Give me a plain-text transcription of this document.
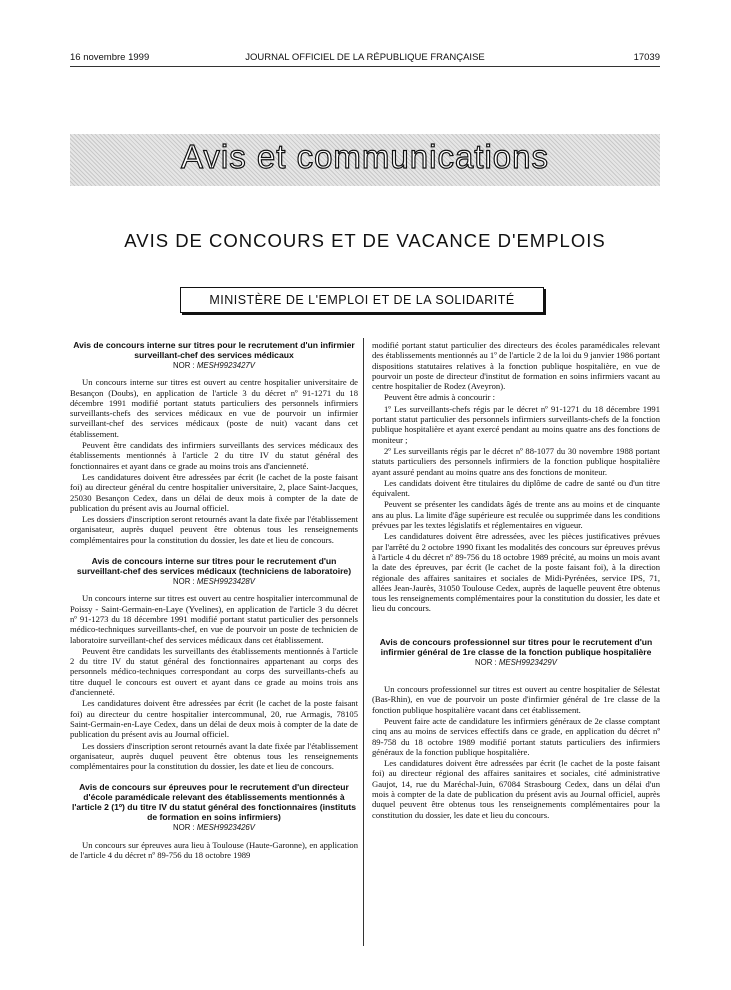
16 novembre 1999	JOURNAL OFFICIEL DE LA RÉPUBLIQUE FRANÇAISE	17039
Avis et communications
AVIS DE CONCOURS ET DE VACANCE D'EMPLOIS
MINISTÈRE DE L'EMPLOI ET DE LA SOLIDARITÉ

Avis de concours interne sur titres pour le recrutement d'un infirmier surveillant-chef des services médicaux

NOR : MESH9923427V

Un concours interne sur titres est ouvert au centre hospitalier universitaire de Besançon (Doubs), en application de l'article 3 du décret nº 91-1271 du 18 décembre 1991 modifié portant statuts particuliers des personnels infirmiers surveillants-chefs des services médicaux en vue de pourvoir un infirmier surveillant-chef des services médicaux (poste de nuit) vacant dans cet établissement.

Peuvent être candidats des infirmiers surveillants des services médicaux des établissements mentionnés à l'article 2 du titre IV du statut général des fonctionnaires et ayant dans ce grade au moins trois ans d'ancienneté.

Les candidatures doivent être adressées par écrit (le cachet de la poste faisant foi) au directeur général du centre hospitalier universitaire, 2, place Saint-Jacques, 25030 Besançon Cedex, dans un délai de deux mois à compter de la date de publication du présent avis au Journal officiel.

Les dossiers d'inscription seront retournés avant la date fixée par l'établissement organisateur, auprès duquel peuvent être obtenus tous les renseignements complémentaires pour la constitution du dossier, les date et lieu de concours.

Avis de concours interne sur titres pour le recrutement d'un surveillant-chef des services médicaux (techniciens de laboratoire)

NOR : MESH9923428V

Un concours interne sur titres est ouvert au centre hospitalier intercommunal de Poissy - Saint-Germain-en-Laye (Yvelines), en application de l'article 3 du décret nº 91-1273 du 18 décembre 1991 modifié portant statut particulier des personnels médico-techniques surveillants-chef, en vue de pourvoir un poste de technicien de laboratoire surveillant-chef des services médicaux dans cet établissement.

Peuvent être candidats les surveillants des établissements mentionnés à l'article 2 du titre IV du statut général des fonctionnaires appartenant au corps des personnels médico-techniques correspondant au corps des surveillants-chefs au titre duquel le concours est ouvert et ayant dans ce grade au moins trois ans d'ancienneté.

Les candidatures doivent être adressées par écrit (le cachet de la poste faisant foi) au directeur du centre hospitalier intercommunal, 20, rue Armagis, 78105 Saint-Germain-en-Laye Cedex, dans un délai de deux mois à compter de la date de publication du présent avis au Journal officiel.

Les dossiers d'inscription seront retournés avant la date fixée par l'établissement organisateur, auprès duquel peuvent être obtenus tous les renseignements complémentaires pour la constitution du dossier, les date et lieu de concours.

Avis de concours sur épreuves pour le recrutement d'un directeur d'école paramédicale relevant des établissements mentionnés à l'article 2 (1º) du titre IV du statut général des fonctionnaires (instituts de formation en soins infirmiers)

NOR : MESH9923426V

Un concours sur épreuves aura lieu à Toulouse (Haute-Garonne), en application de l'article 4 du décret nº 89-756 du 18 octobre 1989

modifié portant statut particulier des directeurs des écoles paramédicales relevant des établissements mentionnés au 1º de l'article 2 de la loi du 9 janvier 1986 portant dispositions statutaires relatives à la fonction publique hospitalière, en vue de pourvoir un poste de directeur d'institut de formation en soins infirmiers vacant au centre hospitalier de Rodez (Aveyron).

Peuvent être admis à concourir :

1º Les surveillants-chefs régis par le décret nº 91-1271 du 18 décembre 1991 portant statut particulier des personnels infirmiers surveillants-chefs de la fonction publique hospitalière et ayant exercé pendant au moins quatre ans des fonctions de moniteur ;

2º Les surveillants régis par le décret nº 88-1077 du 30 novembre 1988 portant statuts particuliers des personnels infirmiers de la fonction publique hospitalière ayant assuré pendant au moins quatre ans des fonctions de moniteur.

Les candidats doivent être titulaires du diplôme de cadre de santé ou d'un titre équivalent.

Peuvent se présenter les candidats âgés de trente ans au moins et de cinquante ans au plus. La limite d'âge supérieure est reculée ou supprimée dans les conditions prévues par les textes législatifs et réglementaires en vigueur.

Les candidatures doivent être adressées, avec les pièces justificatives prévues par l'arrêté du 2 octobre 1990 fixant les modalités des concours sur épreuves prévus à l'article 4 du décret nº 89-756 du 18 octobre 1989 précité, au moins un mois avant la date des épreuves, par écrit (le cachet de la poste faisant foi), à la direction régionale des affaires sanitaires et sociales de Midi-Pyrénées, service IPS, 71, allées Jean-Jaurès, 31050 Toulouse Cedex, auprès de laquelle peuvent être obtenus tous les renseignements complémentaires pour la constitution du dossier, les date et lieu du concours.

Avis de concours professionnel sur titres pour le recrutement d'un infirmier général de 1re classe de la fonction publique hospitalière

NOR : MESH9923429V

Un concours professionnel sur titres est ouvert au centre hospitalier de Sélestat (Bas-Rhin), en vue de pourvoir un poste d'infirmier général de 1re classe de la fonction publique hospitalière vacant dans cet établissement.

Peuvent faire acte de candidature les infirmiers généraux de 2e classe comptant cinq ans au moins de services effectifs dans ce grade, en application du décret nº 89-758 du 18 octobre 1989 modifié portant statuts particuliers des infirmiers généraux de la fonction publique hospitalière.

Les candidatures doivent être adressées par écrit (le cachet de la poste faisant foi) au directeur régional des affaires sanitaires et sociales, cité administrative Gaujot, 14, rue du Maréchal-Juin, 67084 Strasbourg Cedex, dans un délai d'un mois à compter de la date de publication du présent avis au Journal officiel, auprès duquel peuvent être obtenus tous les renseignements complémentaires pour la constitution du dossier, les date et lieu du concours.
